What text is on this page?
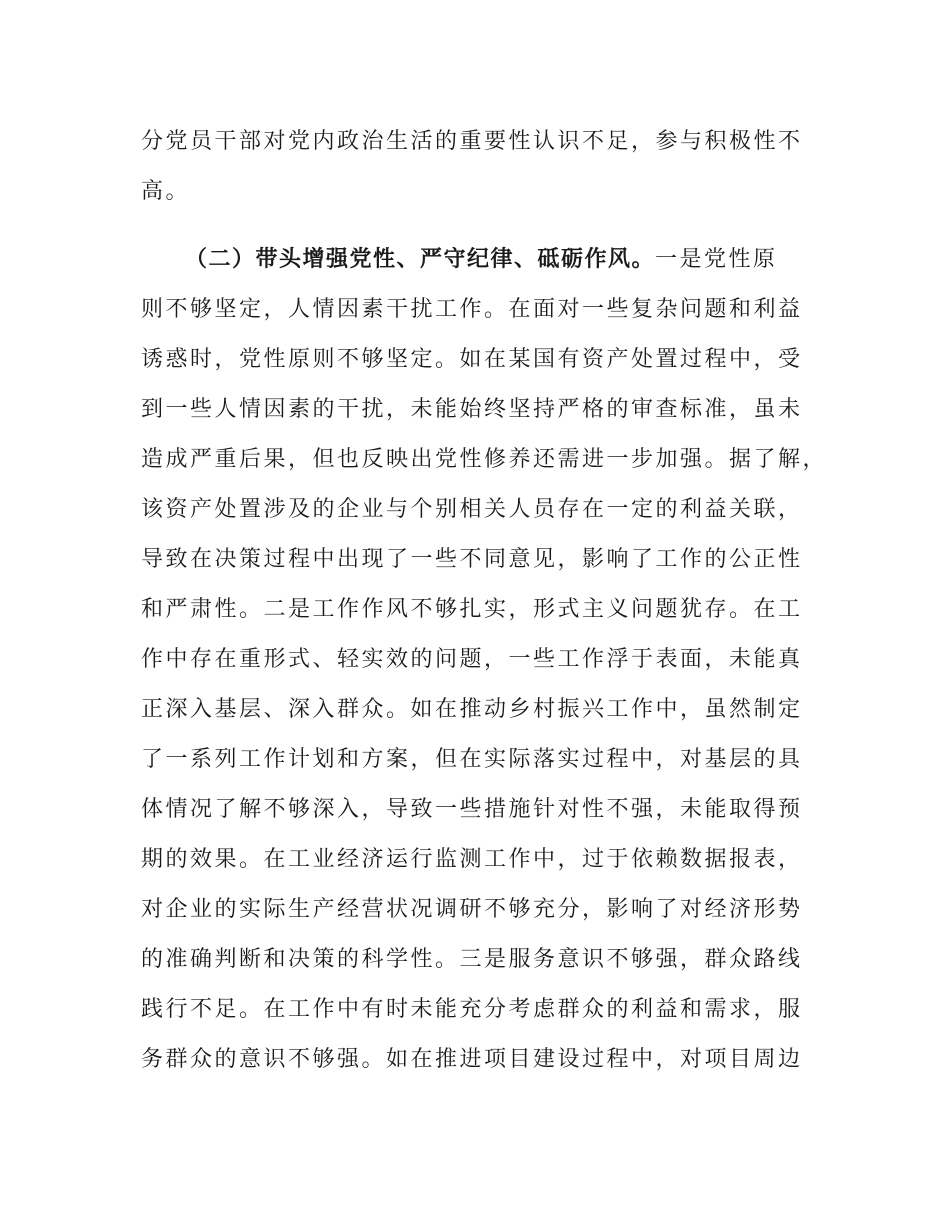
分党员干部对党内政治生活的重要性认识不足，参与积极性不
高。
（二）带头增强党性、严守纪律、砥砺作风。一是党性原
则不够坚定，人情因素干扰工作。在面对一些复杂问题和利益
诱惑时，党性原则不够坚定。如在某国有资产处置过程中，受
到一些人情因素的干扰，未能始终坚持严格的审查标准，虽未
造成严重后果，但也反映出党性修养还需进一步加强。据了解，
该资产处置涉及的企业与个别相关人员存在一定的利益关联，
导致在决策过程中出现了一些不同意见，影响了工作的公正性
和严肃性。二是工作作风不够扎实，形式主义问题犹存。在工
作中存在重形式、轻实效的问题，一些工作浮于表面，未能真
正深入基层、深入群众。如在推动乡村振兴工作中，虽然制定
了一系列工作计划和方案，但在实际落实过程中，对基层的具
体情况了解不够深入，导致一些措施针对性不强，未能取得预
期的效果。在工业经济运行监测工作中，过于依赖数据报表，
对企业的实际生产经营状况调研不够充分，影响了对经济形势
的准确判断和决策的科学性。三是服务意识不够强，群众路线
践行不足。在工作中有时未能充分考虑群众的利益和需求，服
务群众的意识不够强。如在推进项目建设过程中，对项目周边
